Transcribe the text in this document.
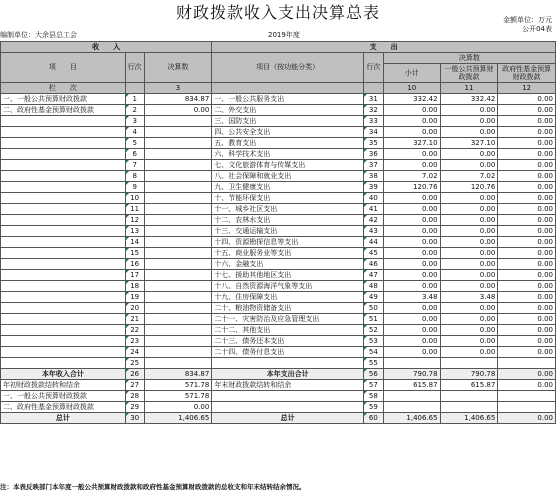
财政拨款收入支出决算总表	金额单位：万元
公开04表
编制单位：大余县总工会	2019年度
收　　入			支　　出				
项　　目	行次	决算数	项目（按功能分类）	行次	决算数		
					小计	一般公共预算财政拨款	政府性基金预算财政拨款
栏　　次		3			10	11	12
一、一般公共预算财政拨款	1	834.87	一、一般公共服务支出	31	332.42	332.42	0.00
二、政府性基金预算财政拨款	2	0.00	二、外交支出	32	0.00	0.00	0.00
	3		三、国防支出	33	0.00	0.00	0.00
	4		四、公共安全支出	34	0.00	0.00	0.00
	5		五、教育支出	35	327.10	327.10	0.00
	6		六、科学技术支出	36	0.00	0.00	0.00
	7		七、文化旅游体育与传媒支出	37	0.00	0.00	0.00
	8		八、社会保障和就业支出	38	7.02	7.02	0.00
	9		九、卫生健康支出	39	120.76	120.76	0.00
	10		十、节能环保支出	40	0.00	0.00	0.00
	11		十一、城乡社区支出	41	0.00	0.00	0.00
	12		十二、农林水支出	42	0.00	0.00	0.00
	13		十三、交通运输支出	43	0.00	0.00	0.00
	14		十四、资源勘探信息等支出	44	0.00	0.00	0.00
	15		十五、商业服务业等支出	45	0.00	0.00	0.00
	16		十六、金融支出	46	0.00	0.00	0.00
	17		十七、援助其他地区支出	47	0.00	0.00	0.00
	18		十八、自然资源海洋气象等支出	48	0.00	0.00	0.00
	19		十九、住房保障支出	49	3.48	3.48	0.00
	20		二十、粮油物资储备支出	50	0.00	0.00	0.00
	21		二十一、灾害防治及应急管理支出	51	0.00	0.00	0.00
	22		二十二、其他支出	52	0.00	0.00	0.00
	23		二十三、债务还本支出	53	0.00	0.00	0.00
	24		二十四、债务付息支出	54	0.00	0.00	0.00
	25			55			
本年收入合计	26	834.87	本年支出合计	56	790.78	790.78	0.00
年初财政拨款结转和结余	27	571.78	年末财政拨款结转和结余	57	615.87	615.87	0.00
一、一般公共预算财政拨款	28	571.78		58			
二、政府性基金预算财政拨款	29	0.00		59			
总计	30	1,406.65	总计	60	1,406.65	1,406.65	0.00
注：本表反映部门本年度一般公共预算财政拨款和政府性基金预算财政拨款的总收支和年末结转结余情况。
